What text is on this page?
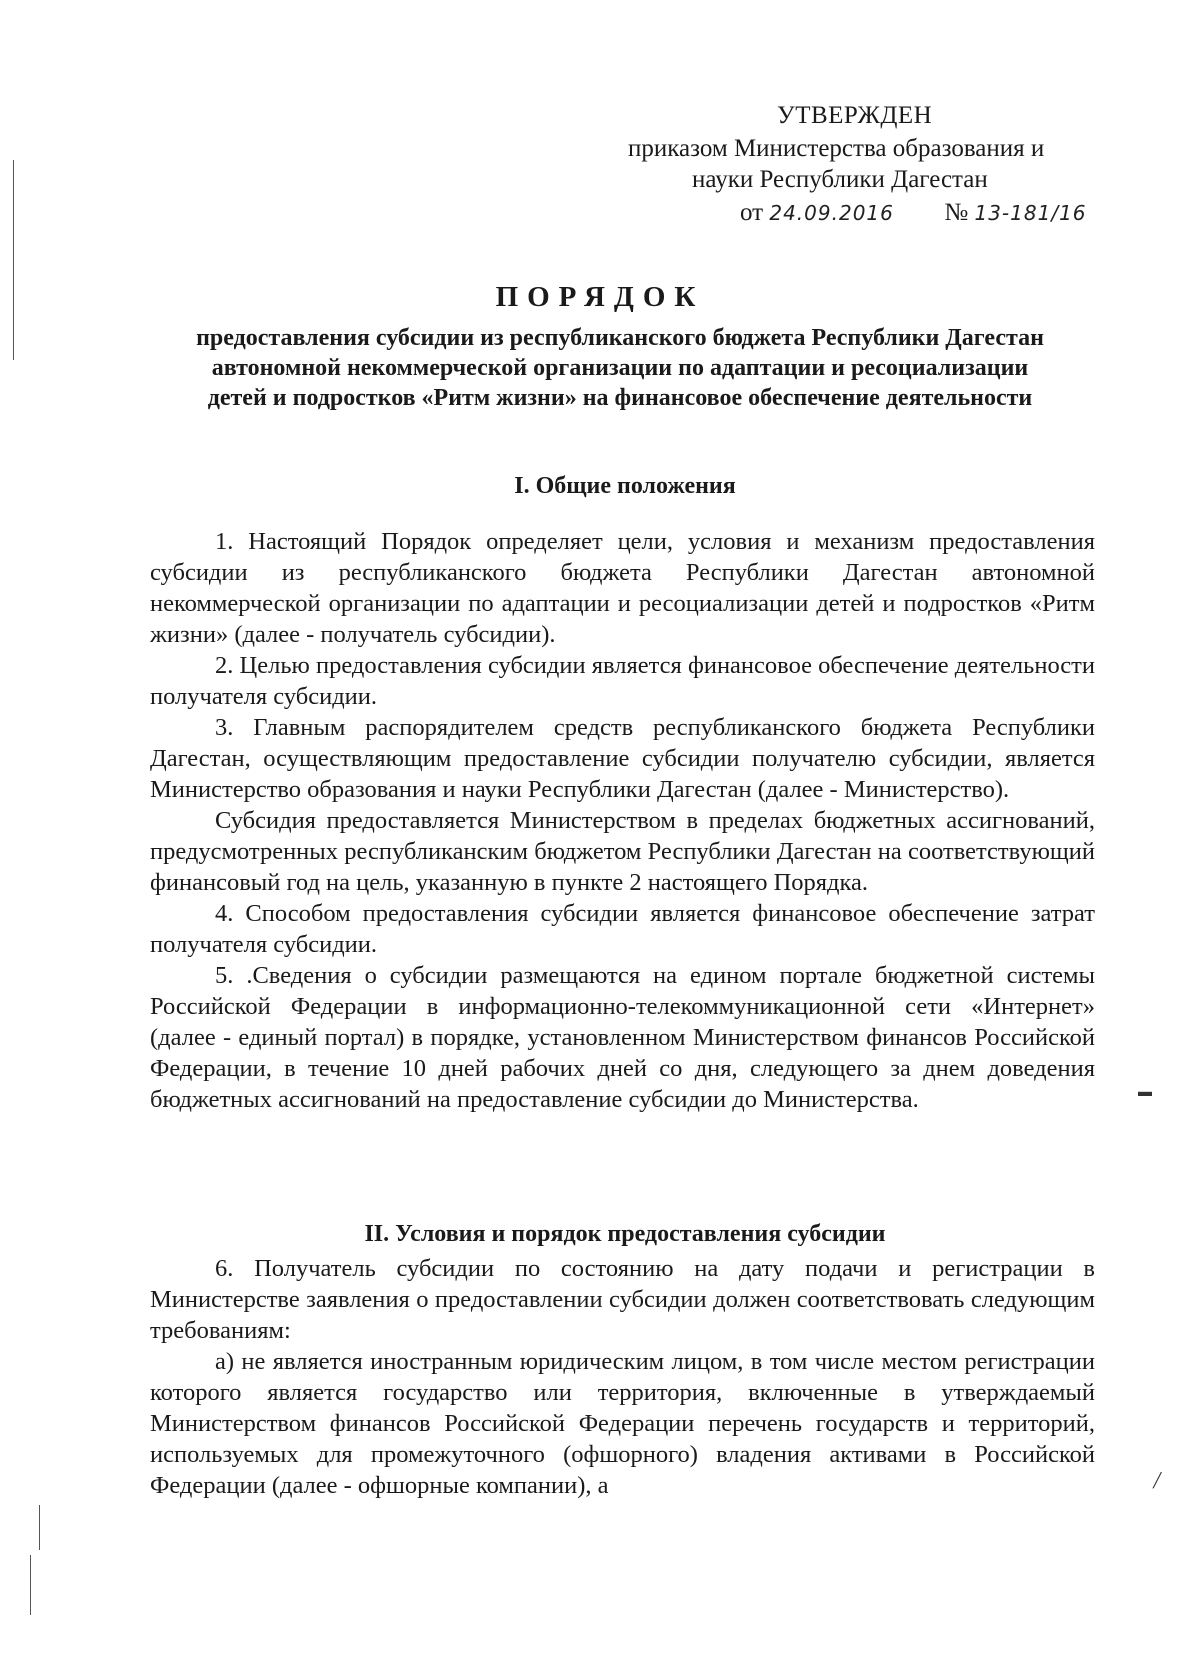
▬
╱
УТВЕРЖДЕН
приказом Министерства образования и
науки Республики Дагестан
от 24.09.2016 № 13-181/16
ПОРЯДОК
предоставления субсидии из республиканского бюджета Республики Дагестан автономной некоммерческой организации по адаптации и ресоциализации детей и подростков «Ритм жизни» на финансовое обеспечение деятельности
I. Общие положения

1. Настоящий Порядок определяет цели, условия и механизм предоставления субсидии из республиканского бюджета Республики Дагестан автономной некоммерческой организации по адаптации и ресоциализации детей и подростков «Ритм жизни» (далее - получатель субсидии).

2. Целью предоставления субсидии является финансовое обеспечение деятельности получателя субсидии.

3. Главным распорядителем средств республиканского бюджета Республики Дагестан, осуществляющим предоставление субсидии получателю субсидии, является Министерство образования и науки Республики Дагестан (далее - Министерство).

Субсидия предоставляется Министерством в пределах бюджетных ассигнований, предусмотренных республиканским бюджетом Республики Дагестан на соответствующий финансовый год на цель, указанную в пункте 2 настоящего Порядка.

4. Способом предоставления субсидии является финансовое обеспечение затрат получателя субсидии.

5. .Сведения о субсидии размещаются на едином портале бюджетной системы Российской Федерации в информационно-телекоммуникационной сети «Интернет» (далее - единый портал) в порядке, установленном Министерством финансов Российской Федерации, в течение 10 дней рабочих дней со дня, следующего за днем доведения бюджетных ассигнований на предоставление субсидии до Министерства.

II. Условия и порядок предоставления субсидии

6. Получатель субсидии по состоянию на дату подачи и регистрации в Министерстве заявления о предоставлении субсидии должен соответствовать следующим требованиям:

а) не является иностранным юридическим лицом, в том числе местом регистрации которого является государство или территория, включенные в утверждаемый Министерством финансов Российской Федерации перечень государств и территорий, используемых для промежуточного (офшорного) владения активами в Российской Федерации (далее - офшорные компании), а
